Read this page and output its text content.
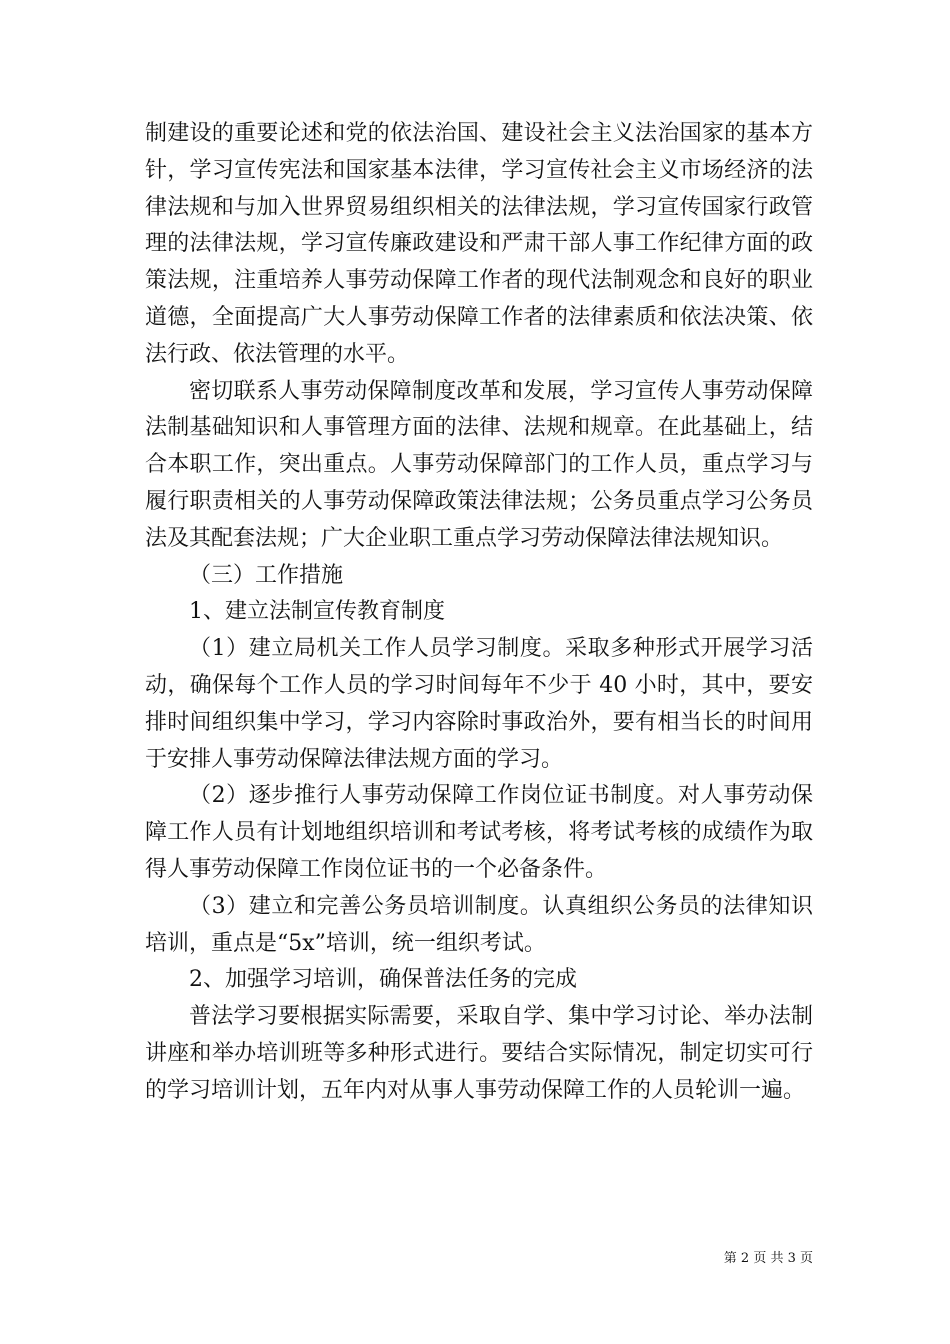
制建设的重要论述和党的依法治国、建设社会主义法治国家的基本方针，学习宣传宪法和国家基本法律，学习宣传社会主义市场经济的法律法规和与加入世界贸易组织相关的法律法规，学习宣传国家行政管理的法律法规，学习宣传廉政建设和严肃干部人事工作纪律方面的政策法规，注重培养人事劳动保障工作者的现代法制观念和良好的职业道德，全面提高广大人事劳动保障工作者的法律素质和依法决策、依法行政、依法管理的水平。

密切联系人事劳动保障制度改革和发展，学习宣传人事劳动保障法制基础知识和人事管理方面的法律、法规和规章。在此基础上，结合本职工作，突出重点。人事劳动保障部门的工作人员，重点学习与履行职责相关的人事劳动保障政策法律法规；公务员重点学习公务员法及其配套法规；广大企业职工重点学习劳动保障法律法规知识。

（三）工作措施

1、建立法制宣传教育制度

（1）建立局机关工作人员学习制度。采取多种形式开展学习活动，确保每个工作人员的学习时间每年不少于 40 小时，其中，要安排时间组织集中学习，学习内容除时事政治外，要有相当长的时间用于安排人事劳动保障法律法规方面的学习。

（2）逐步推行人事劳动保障工作岗位证书制度。对人事劳动保障工作人员有计划地组织培训和考试考核，将考试考核的成绩作为取得人事劳动保障工作岗位证书的一个必备条件。

（3）建立和完善公务员培训制度。认真组织公务员的法律知识培训，重点是“5x”培训，统一组织考试。

2、加强学习培训，确保普法任务的完成

普法学习要根据实际需要，采取自学、集中学习讨论、举办法制讲座和举办培训班等多种形式进行。要结合实际情况，制定切实可行的学习培训计划，五年内对从事人事劳动保障工作的人员轮训一遍。

第 2 页 共 3 页
